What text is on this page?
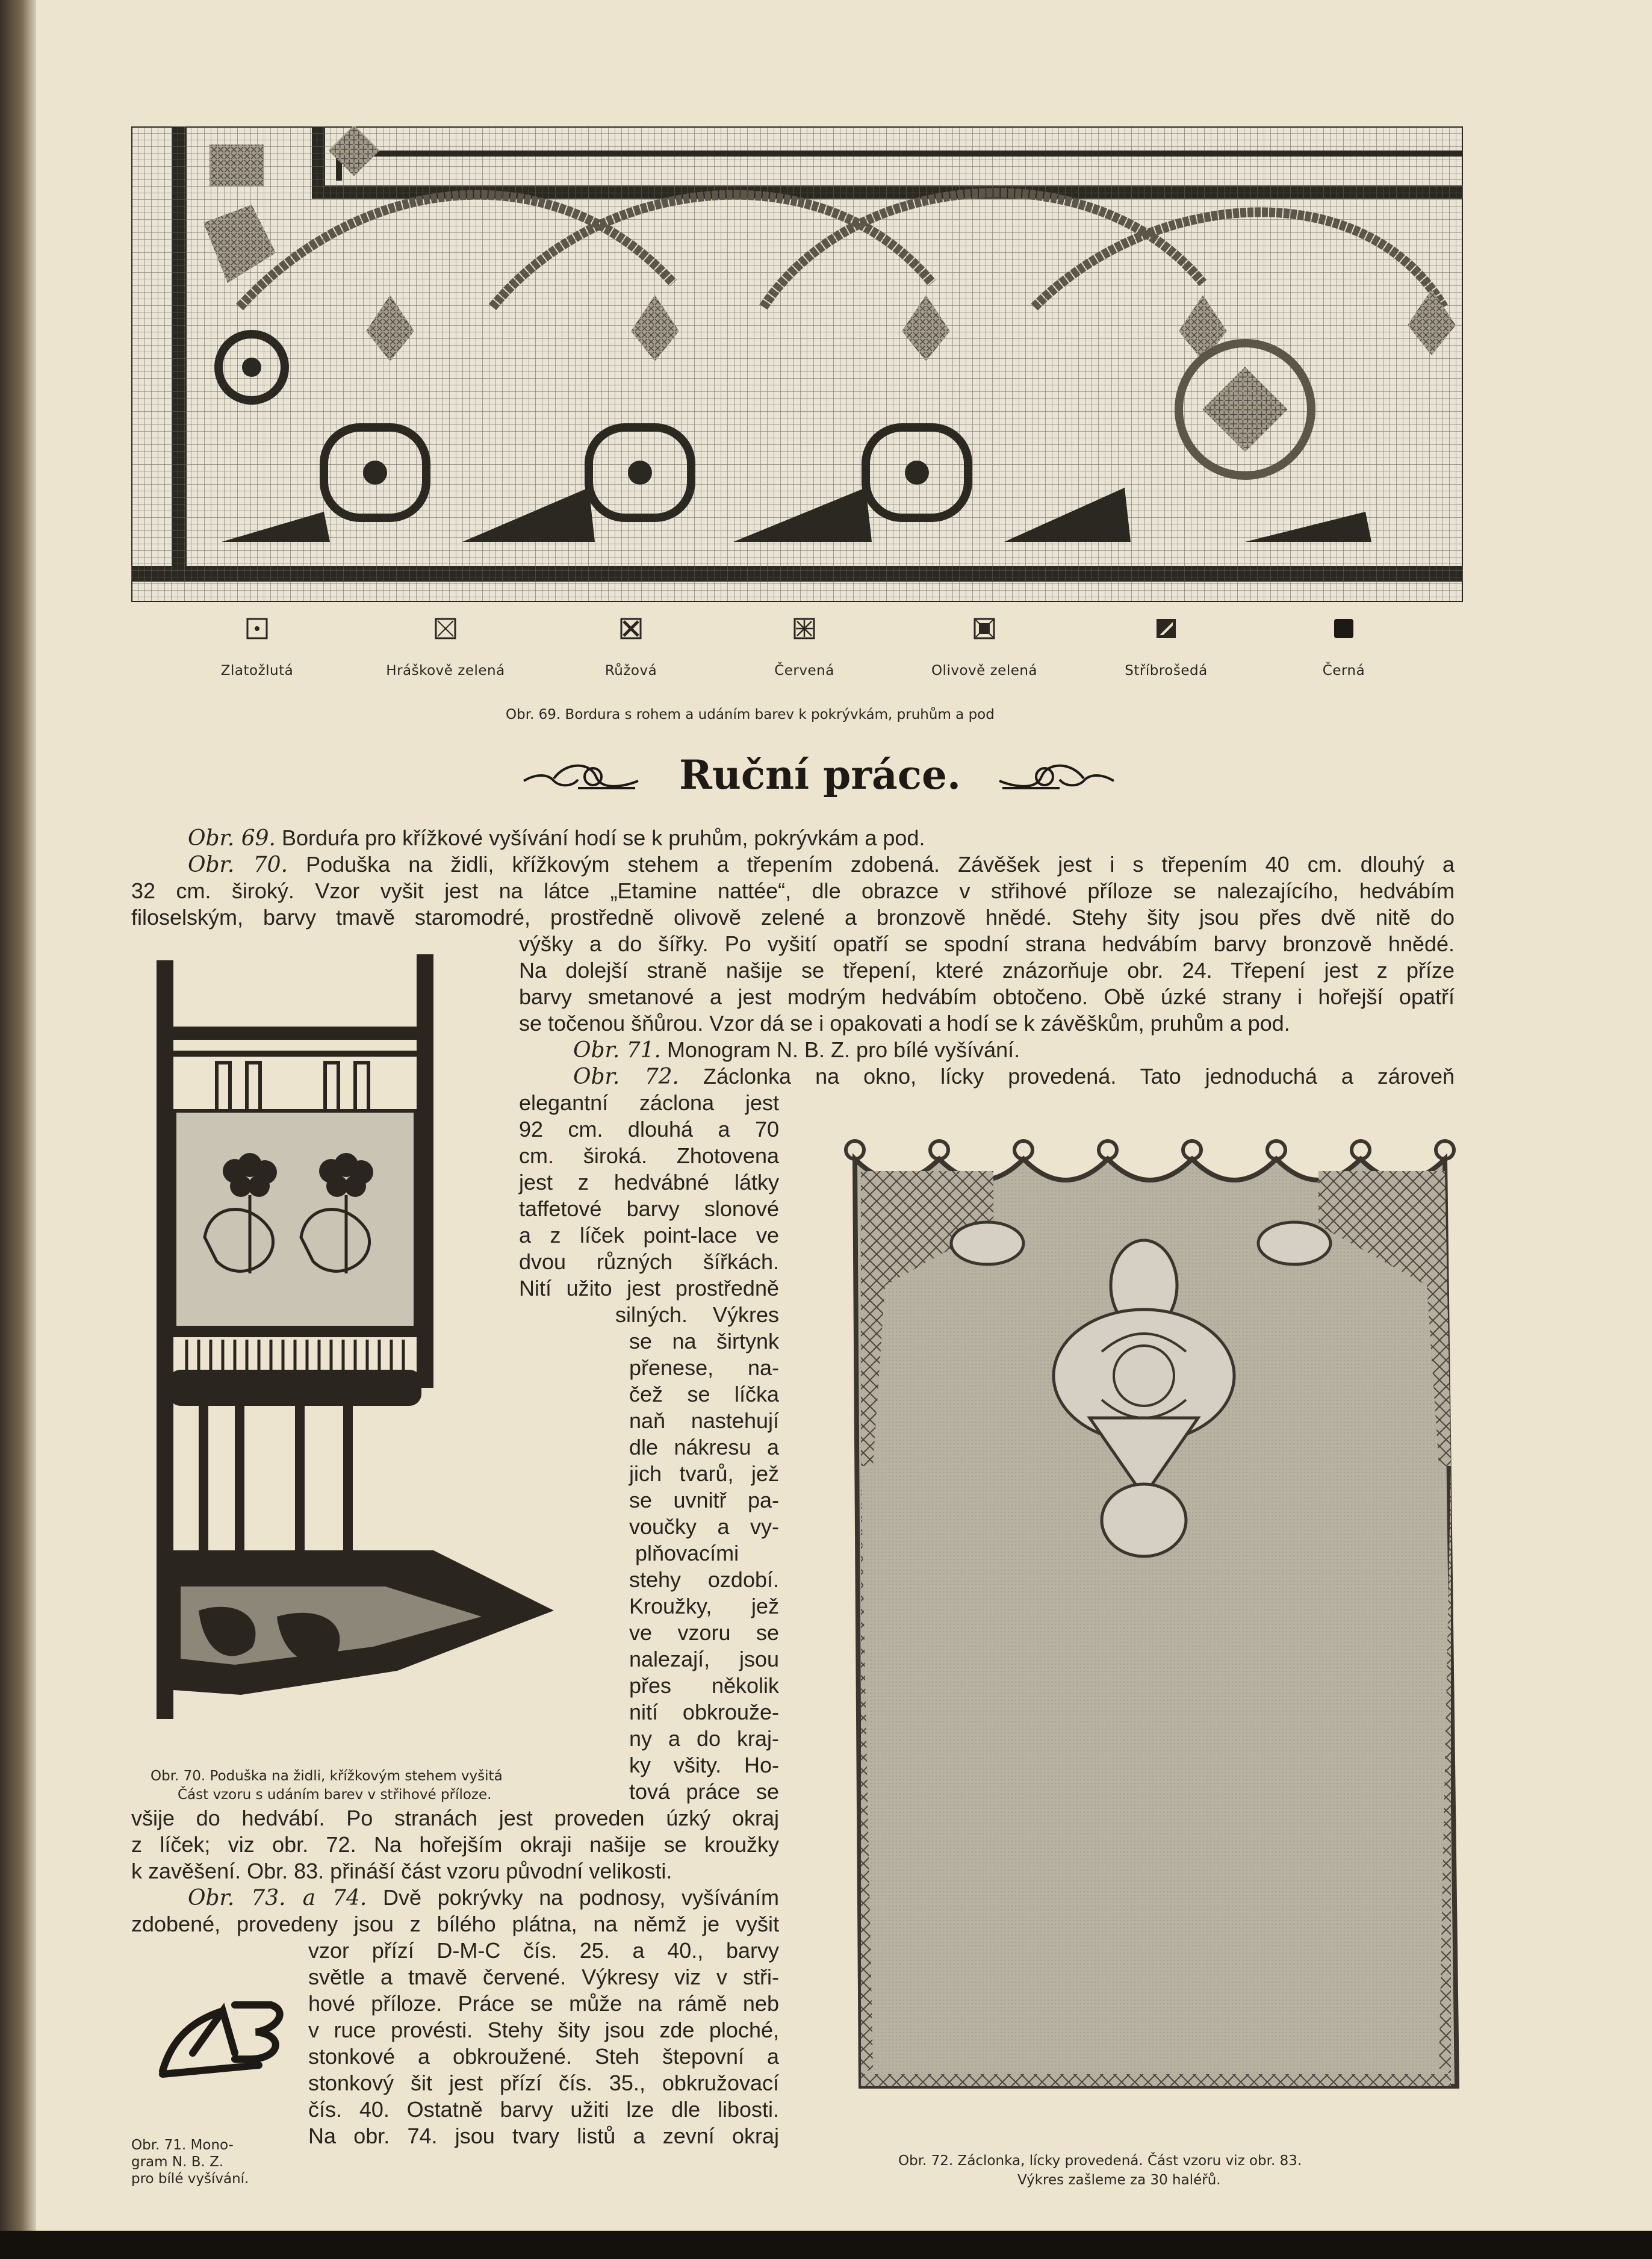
Zlatožlutá	Hráškově zelená	Růžová	Červená	Olivově zelená	Stříbrošedá	Černá
Obr. 69. Bordura s rohem a udáním barev k pokrývkám, pruhům a pod
Ruční práce.
Obr. 69. Borduŕa pro křížkové vyšívání hodí se k pruhům, pokrývkám a pod.
Obr. 70. Poduška na židli, křížkovým stehem a třepením zdobená. Závěšek jest i s třepením 40 cm. dlouhý a
32 cm. široký. Vzor vyšit jest na látce „Etamine nattée“, dle obrazce v střihové příloze se nalezajícího, hedvábím
filoselským, barvy tmavě staromodré, prostředně olivově zelené a bronzově hnědé. Stehy šity jsou přes dvě nitě do
výšky a do šířky. Po vyšití opatří se spodní strana hedvábím barvy bronzově hnědé.
Na dolejší straně našije se třepení, které znázorňuje obr. 24. Třepení jest z příze
barvy smetanové a jest modrým hedvábím obtočeno. Obě úzké strany i hořejší opatří
se točenou šňůrou. Vzor dá se i opakovati a hodí se k závěškům, pruhům a pod.
Obr. 71. Monogram N. B. Z. pro bílé vyšívání.
Obr. 72. Záclonka na okno, lícky provedená. Tato jednoduchá a zároveň
elegantní záclona jest
92 cm. dlouhá a 70
cm. široká. Zhotovena
jest z hedvábné látky
taffetové barvy slonové
a z líček point-lace ve
dvou různých šířkách.
Nití užito jest prostředně
silných. Výkres
se na širtynk
přenese, na-
čež se líčka
naň nastehují
dle nákresu a
jich tvarů, jež
se uvnitř pa-
voučky a vy-
plňovacími
stehy ozdobí.
Kroužky, jež
ve vzoru se
nalezají, jsou
přes několik
nití obkrouže-
ny a do kraj-
ky všity. Ho-
tová práce se
všije do hedvábí. Po stranách jest proveden úzký okraj
z líček; viz obr. 72. Na hořejším okraji našije se kroužky
k zavěšení. Obr. 83. přináší část vzoru původní velikosti.
Obr. 73. a 74. Dvě pokrývky na podnosy, vyšíváním
zdobené, provedeny jsou z bílého plátna, na němž je vyšit
vzor přízí D-M-C čís. 25. a 40., barvy
světle a tmavě červené. Výkresy viz v stři-
hové příloze. Práce se může na rámě neb
v ruce provésti. Stehy šity jsou zde ploché,
stonkové a obkroužené. Steh štepovní a
stonkový šit jest přízí čís. 35., obkružovací
čís. 40. Ostatně barvy užiti lze dle libosti.
Na obr. 74. jsou tvary listů a zevní okraj
Obr. 70. Poduška na židli, křížkovým stehem vyšitá
Část vzoru s udáním barev v střihové příloze.
Obr. 72. Záclonka, lícky provedená. Část vzoru viz obr. 83.
Výkres zašleme za 30 haléřů.
Obr. 71. Mono-
gram N. B. Z.
pro bílé vyšívání.
